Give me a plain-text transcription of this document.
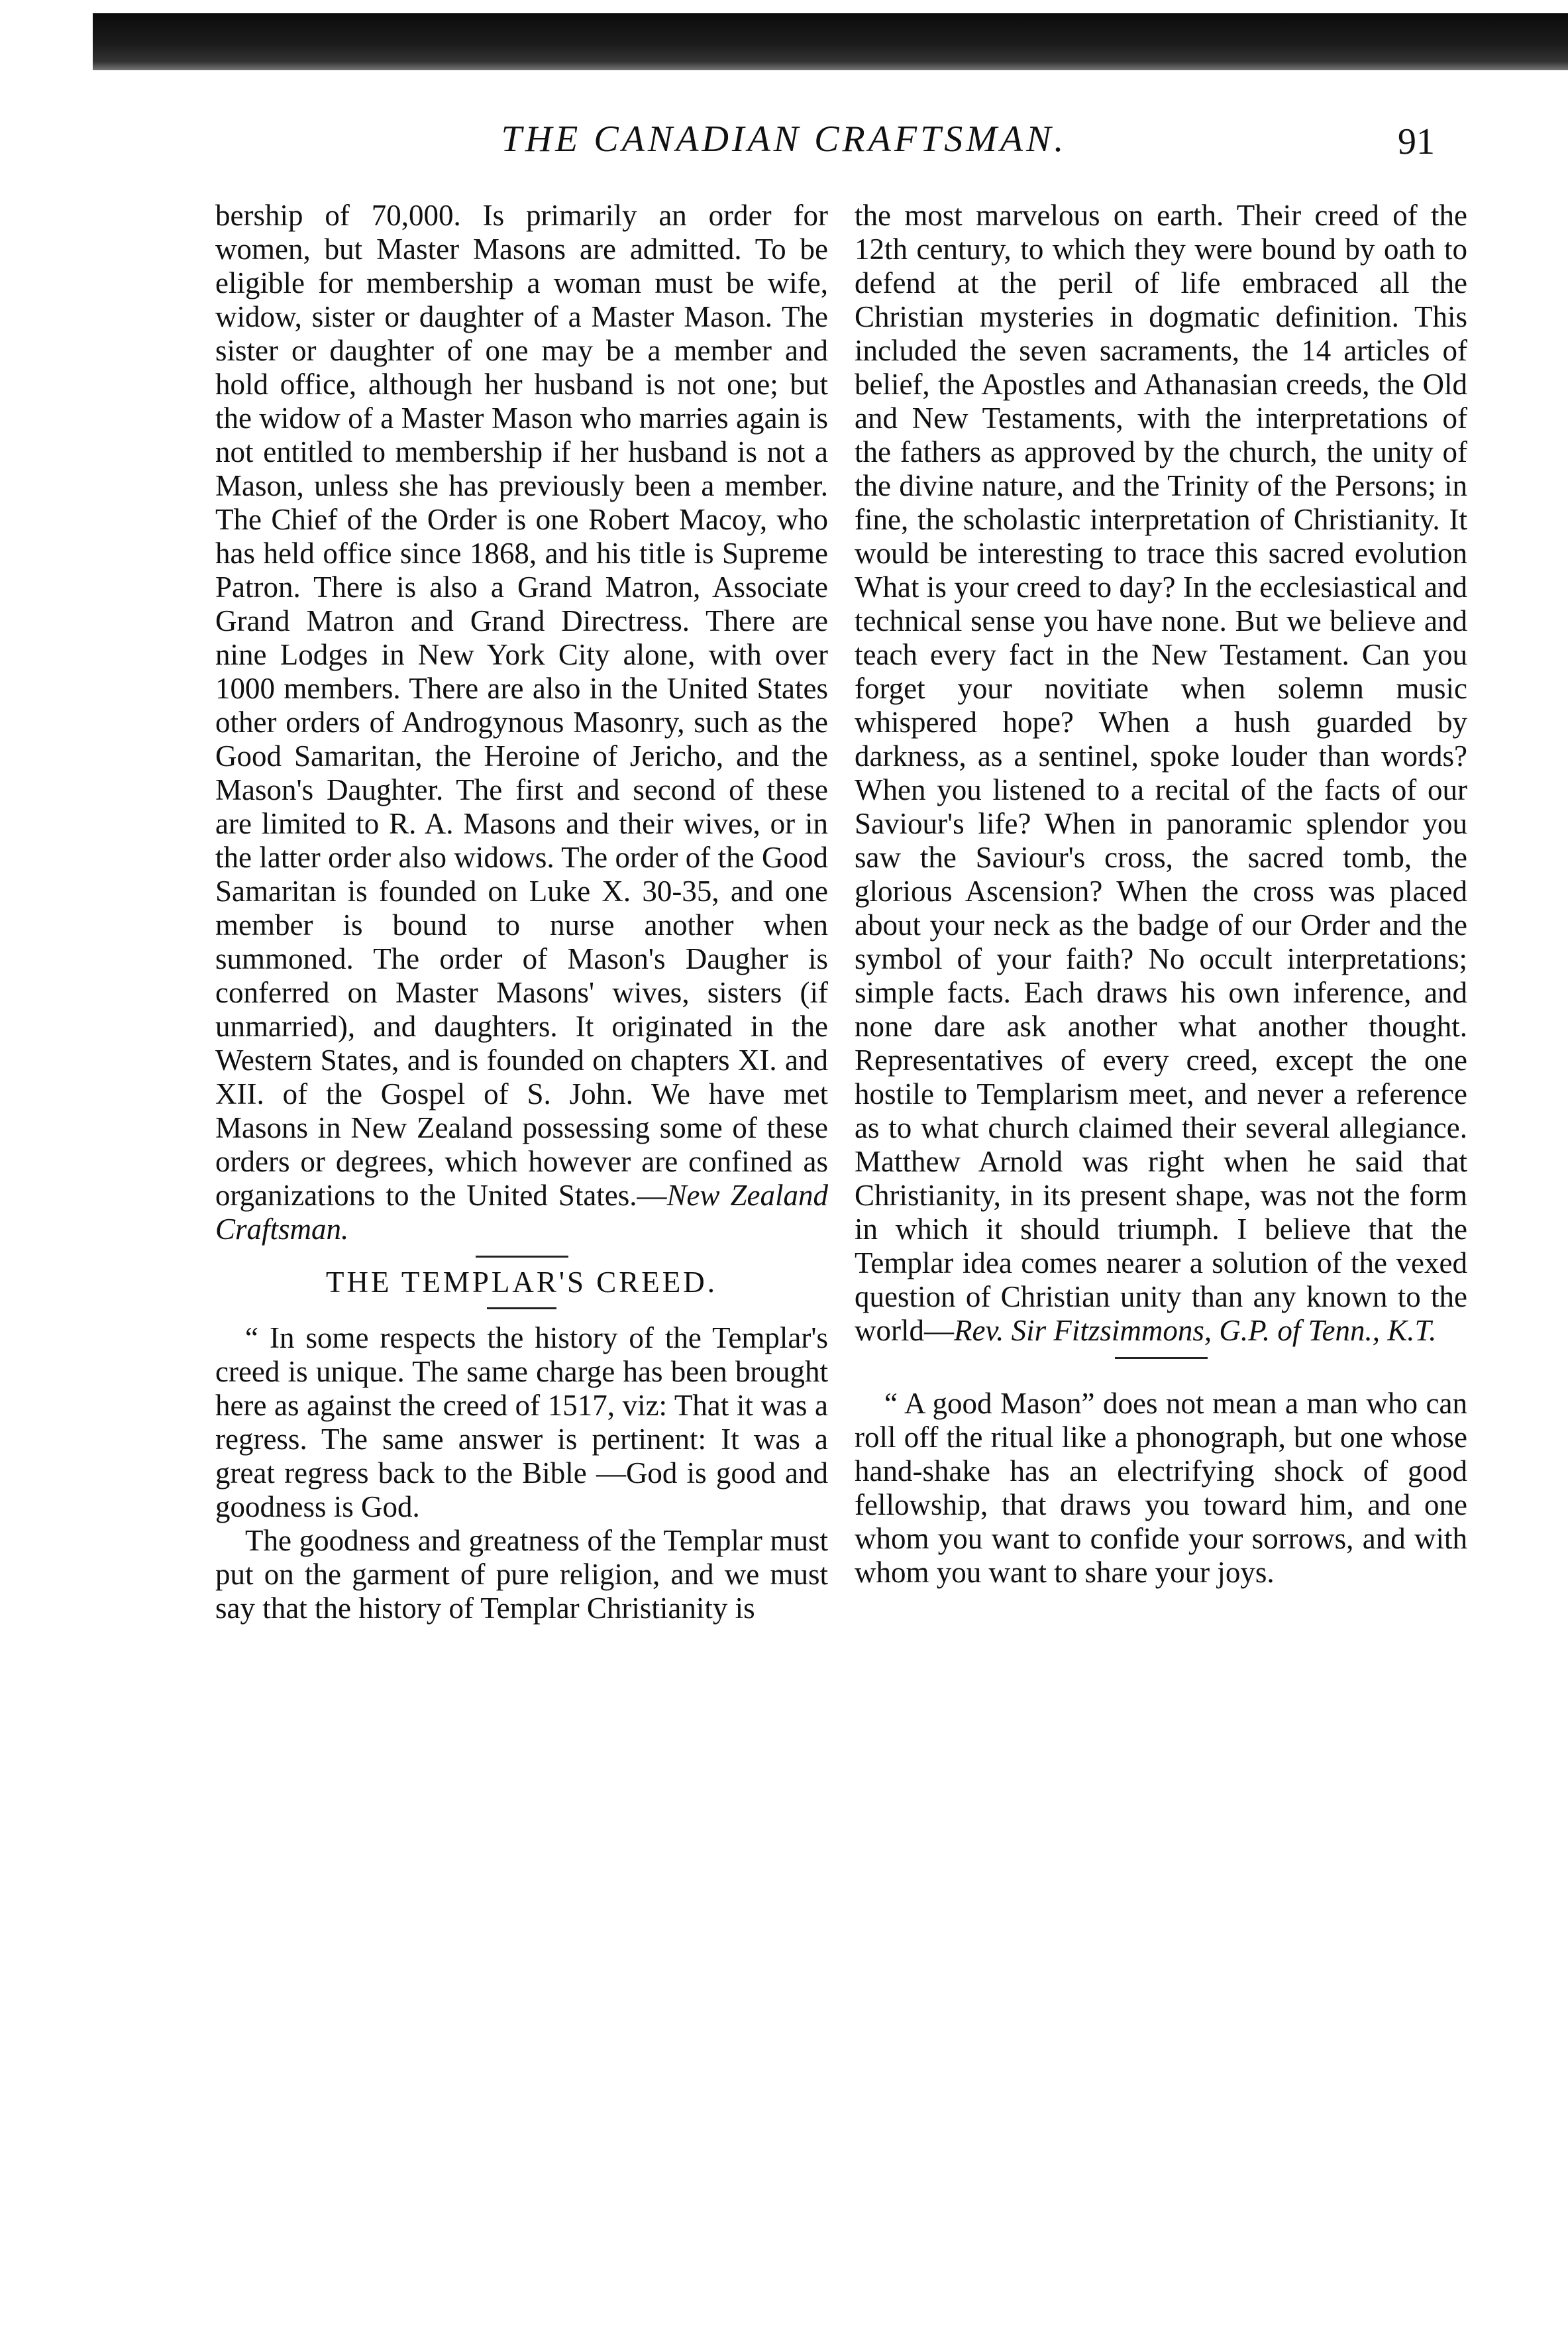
THE CANADIAN CRAFTSMAN.	91

bership of 70,000. Is primarily an order for women, but Master Masons are admitted. To be eligible for membership a woman must be wife, widow, sister or daughter of a Master Mason. The sister or daughter of one may be a member and hold office, although her husband is not one; but the widow of a Master Mason who marries again is not entitled to membership if her husband is not a Mason, unless she has previously been a member. The Chief of the Order is one Robert Macoy, who has held office since 1868, and his title is Supreme Patron. There is also a Grand Matron, Associate Grand Matron and Grand Directress. There are nine Lodges in New York City alone, with over 1000 members. There are also in the United States other orders of Androgynous Masonry, such as the Good Samaritan, the Heroine of Jericho, and the Mason's Daughter. The first and second of these are limited to R. A. Masons and their wives, or in the latter order also widows. The order of the Good Samaritan is founded on Luke X. 30-35, and one member is bound to nurse another when summoned. The order of Mason's Daugher is conferred on Master Masons' wives, sisters (if unmarried), and daughters. It originated in the Western States, and is founded on chapters XI. and XII. of the Gospel of S. John. We have met Masons in New Zealand possessing some of these orders or degrees, which however are confined as organizations to the United States.—New Zealand Craftsman.

THE TEMPLAR'S CREED.

“ In some respects the history of the Templar's creed is unique. The same charge has been brought here as against the creed of 1517, viz: That it was a regress. The same answer is pertinent: It was a great regress back to the Bible —God is good and goodness is God.

The goodness and greatness of the Templar must put on the garment of pure religion, and we must say that the history of Templar Christianity is

the most marvelous on earth. Their creed of the 12th century, to which they were bound by oath to defend at the peril of life embraced all the Christian mysteries in dogmatic definition. This included the seven sacraments, the 14 articles of belief, the Apostles and Athanasian creeds, the Old and New Testaments, with the interpretations of the fathers as approved by the church, the unity of the divine nature, and the Trinity of the Persons; in fine, the scholastic interpretation of Christianity. It would be interesting to trace this sacred evolution What is your creed to day? In the ecclesiastical and technical sense you have none. But we believe and teach every fact in the New Testament. Can you forget your novitiate when solemn music whispered hope? When a hush guarded by darkness, as a sentinel, spoke louder than words? When you listened to a recital of the facts of our Saviour's life? When in panoramic splendor you saw the Saviour's cross, the sacred tomb, the glorious Ascension? When the cross was placed about your neck as the badge of our Order and the symbol of your faith? No occult interpretations; simple facts. Each draws his own inference, and none dare ask another what another thought. Representatives of every creed, except the one hostile to Templarism meet, and never a reference as to what church claimed their several allegiance. Matthew Arnold was right when he said that Christianity, in its present shape, was not the form in which it should triumph. I believe that the Templar idea comes nearer a solution of the vexed question of Christian unity than any known to the world—Rev. Sir Fitzsimmons, G.P. of Tenn., K.T.

“ A good Mason” does not mean a man who can roll off the ritual like a phonograph, but one whose hand-shake has an electrifying shock of good fellowship, that draws you toward him, and one whom you want to confide your sorrows, and with whom you want to share your joys.
